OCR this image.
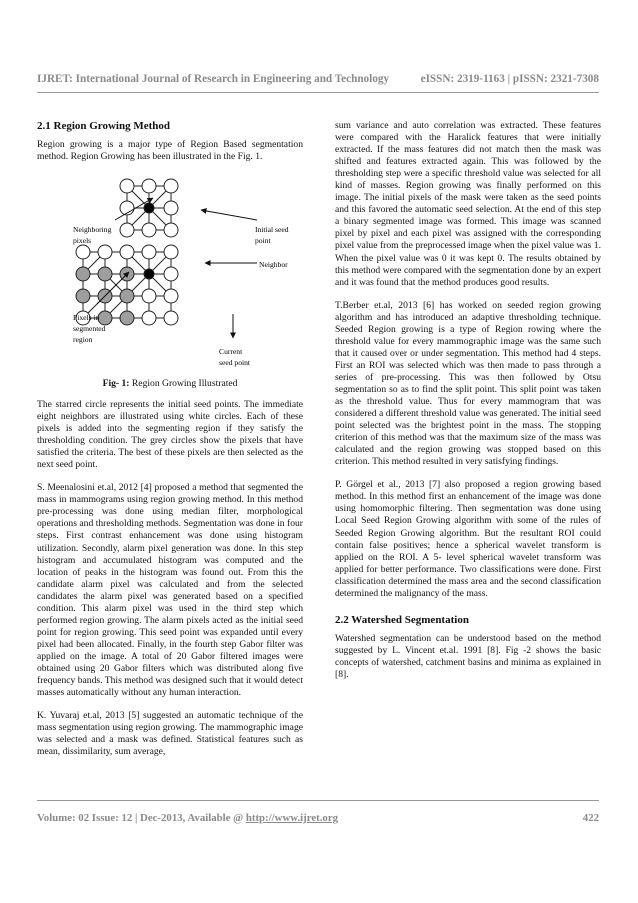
IJRET: International Journal of Research in Engineering and Technology	eISSN: 2319-1163 | pISSN: 2321-7308
2.1 Region Growing Method

Region growing is a major type of Region Based segmentation method. Region Growing has been illustrated in the Fig. 1.

Neighboring
pixels
Initial seed
point
Neighbor
Pixels in
segmented
region
Current
seed point
Fig- 1: Region Growing Illustrated

The starred circle represents the initial seed points. The immediate eight neighbors are illustrated using white circles. Each of these pixels is added into the segmenting region if they satisfy the thresholding condition. The grey circles show the pixels that have satisfied the criteria. The best of these pixels are then selected as the next seed point.

S. Meenalosini et.al, 2012 [4] proposed a method that segmented the mass in mammograms using region growing method. In this method pre-processing was done using median filter, morphological operations and thresholding methods. Segmentation was done in four steps. First contrast enhancement was done using histogram utilization. Secondly, alarm pixel generation was done. In this step histogram and accumulated histogram was computed and the location of peaks in the histogram was found out. From this the candidate alarm pixel was calculated and from the selected candidates the alarm pixel was generated based on a specified condition. This alarm pixel was used in the third step which performed region growing. The alarm pixels acted as the initial seed point for region growing. This seed point was expanded until every pixel had been allocated. Finally, in the fourth step Gabor filter was applied on the image. A total of 20 Gabor filtered images were obtained using 20 Gabor filters which was distributed along five frequency bands. This method was designed such that it would detect masses automatically without any human interaction.

K. Yuvaraj et.al, 2013 [5] suggested an automatic technique of the mass segmentation using region growing. The mammographic image was selected and a mask was defined. Statistical features such as mean, dissimilarity, sum average,

sum variance and auto correlation was extracted. These features were compared with the Haralick features that were initially extracted. If the mass features did not match then the mask was shifted and features extracted again. This was followed by the thresholding step were a specific threshold value was selected for all kind of masses. Region growing was finally performed on this image. The initial pixels of the mask were taken as the seed points and this favored the automatic seed selection. At the end of this step a binary segmented image was formed. This image was scanned pixel by pixel and each pixel was assigned with the corresponding pixel value from the preprocessed image when the pixel value was 1. When the pixel value was 0 it was kept 0. The results obtained by this method were compared with the segmentation done by an expert and it was found that the method produces good results.

T.Berber et.al, 2013 [6] has worked on seeded region growing algorithm and has introduced an adaptive thresholding technique. Seeded Region growing is a type of Region rowing where the threshold value for every mammographic image was the same such that it caused over or under segmentation. This method had 4 steps. First an ROI was selected which was then made to pass through a series of pre-processing. This was then followed by Otsu segmentation so as to find the split point. This split point was taken as the threshold value. Thus for every mammogram that was considered a different threshold value was generated. The initial seed point selected was the brightest point in the mass. The stopping criterion of this method was that the maximum size of the mass was calculated and the region growing was stopped based on this criterion. This method resulted in very satisfying findings.

P. Görgel et al., 2013 [7] also proposed a region growing based method. In this method first an enhancement of the image was done using homomorphic filtering. Then segmentation was done using Local Seed Region Growing algorithm with some of the rules of Seeded Region Growing algorithm. But the resultant ROI could contain false positives; hence a spherical wavelet transform is applied on the ROI. A 5- level spherical wavelet transform was applied for better performance. Two classifications were done. First classification determined the mass area and the second classification determined the malignancy of the mass.

2.2 Watershed Segmentation

Watershed segmentation can be understood based on the method suggested by L. Vincent et.al. 1991 [8]. Fig -2 shows the basic concepts of watershed, catchment basins and minima as explained in [8].

Volume: 02 Issue: 12 | Dec-2013, Available @ http://www.ijret.org	422
